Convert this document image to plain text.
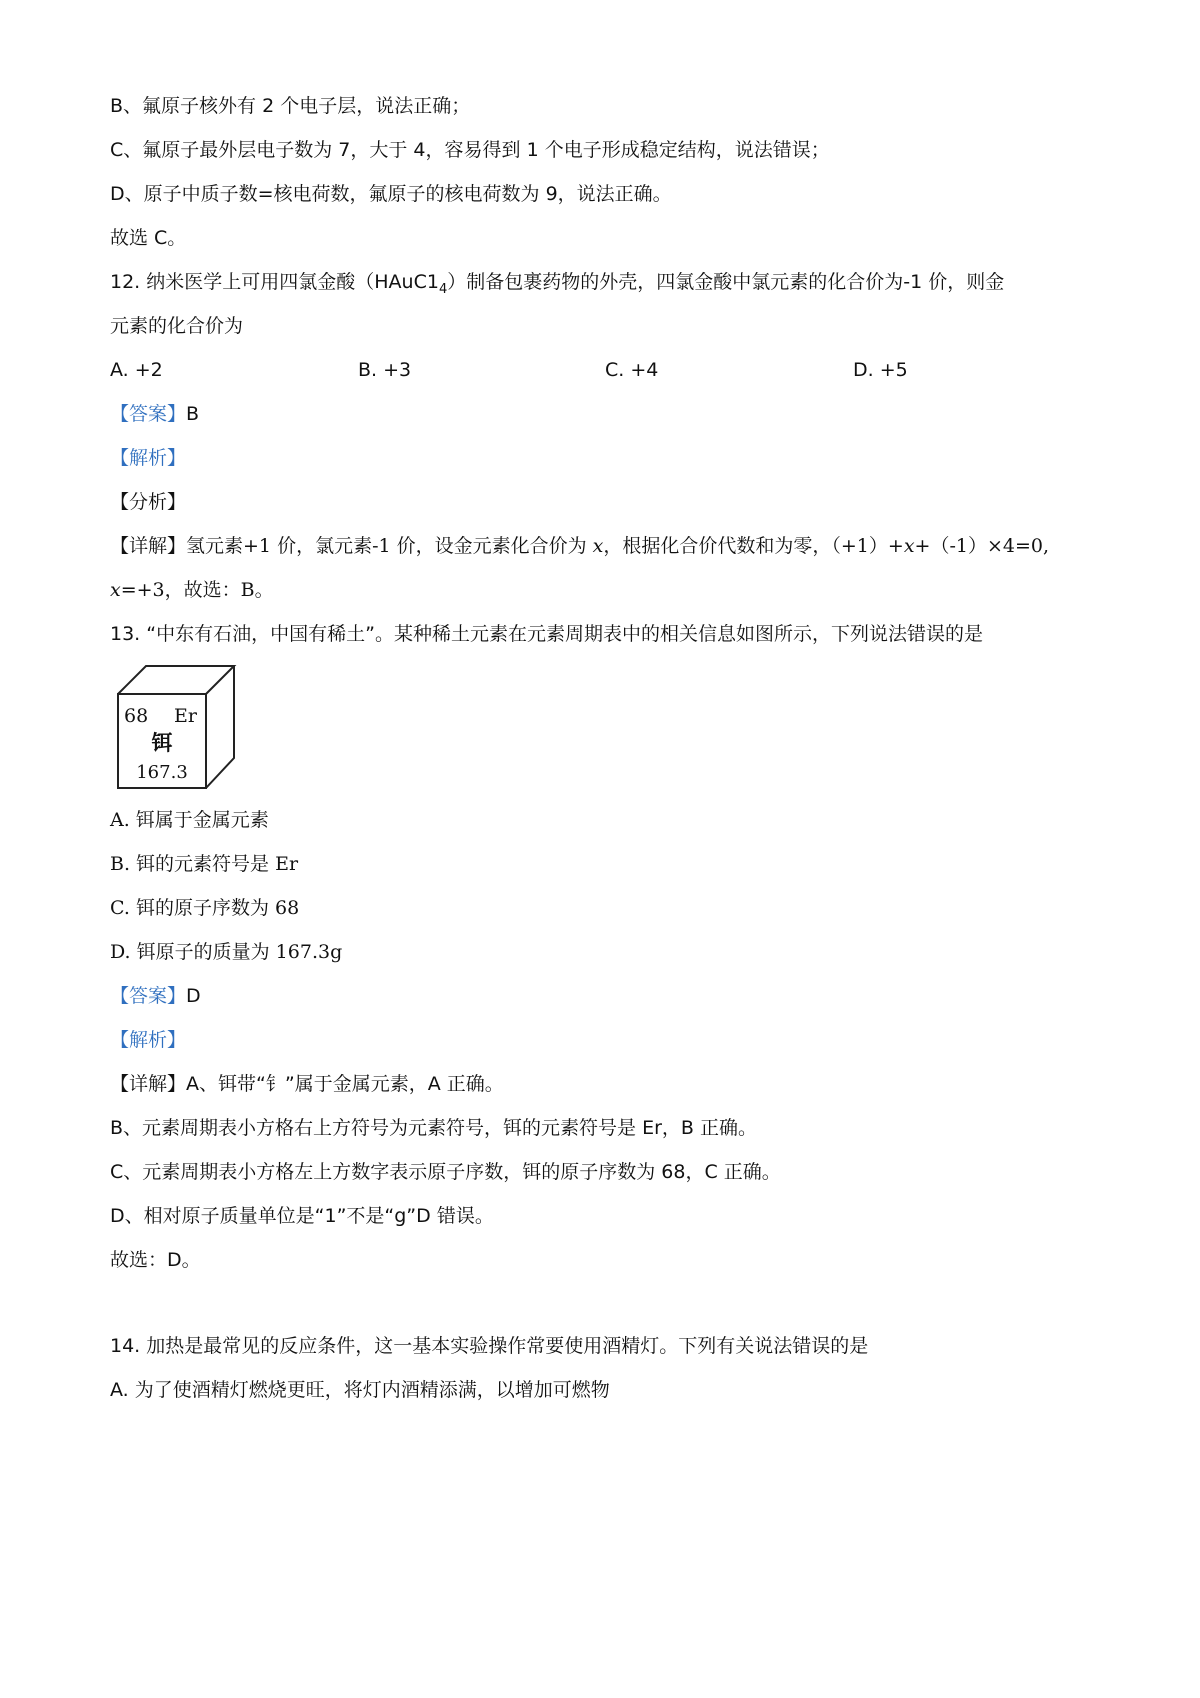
B、氟原子核外有 2 个电子层，说法正确；
C、氟原子最外层电子数为 7，大于 4，容易得到 1 个电子形成稳定结构，说法错误；
D、原子中质子数=核电荷数，氟原子的核电荷数为 9，说法正确。
故选 C。
12. 纳米医学上可用四氯金酸$(HAuC1_4)$制备包裹药物的外壳，四氯金酸中氯元素的化合价为-1 价，则金
元素的化合价为
A. +2	B. +3	C. +4	D. +5
【答案】B
【解析】
【分析】
【详解】氢元素+1 价，氯元素-1 价，设金元素化合价为 x，根据化合价代数和为零，（+1）+x+（-1）×4=0,
x=+3，故选：B。
13. “中东有石油，中国有稀土”。某种稀土元素在元素周期表中的相关信息如图所示，下列说法错误的是
68 Er
铒
167.3
A. 铒属于金属元素
B. 铒的元素符号是 Er
C. 铒的原子序数为 68
D. 铒原子的质量为 167.3g
【答案】D
【解析】
【详解】A、铒带“钅”属于金属元素，A 正确。
B、元素周期表小方格右上方符号为元素符号，铒的元素符号是 Er，B 正确。
C、元素周期表小方格左上方数字表示原子序数，铒的原子序数为 68，C 正确。
D、相对原子质量单位是“1”不是“g”D 错误。
故选：D。
14. 加热是最常见的反应条件，这一基本实验操作常要使用酒精灯。下列有关说法错误的是
A. 为了使酒精灯燃烧更旺，将灯内酒精添满，以增加可燃物
